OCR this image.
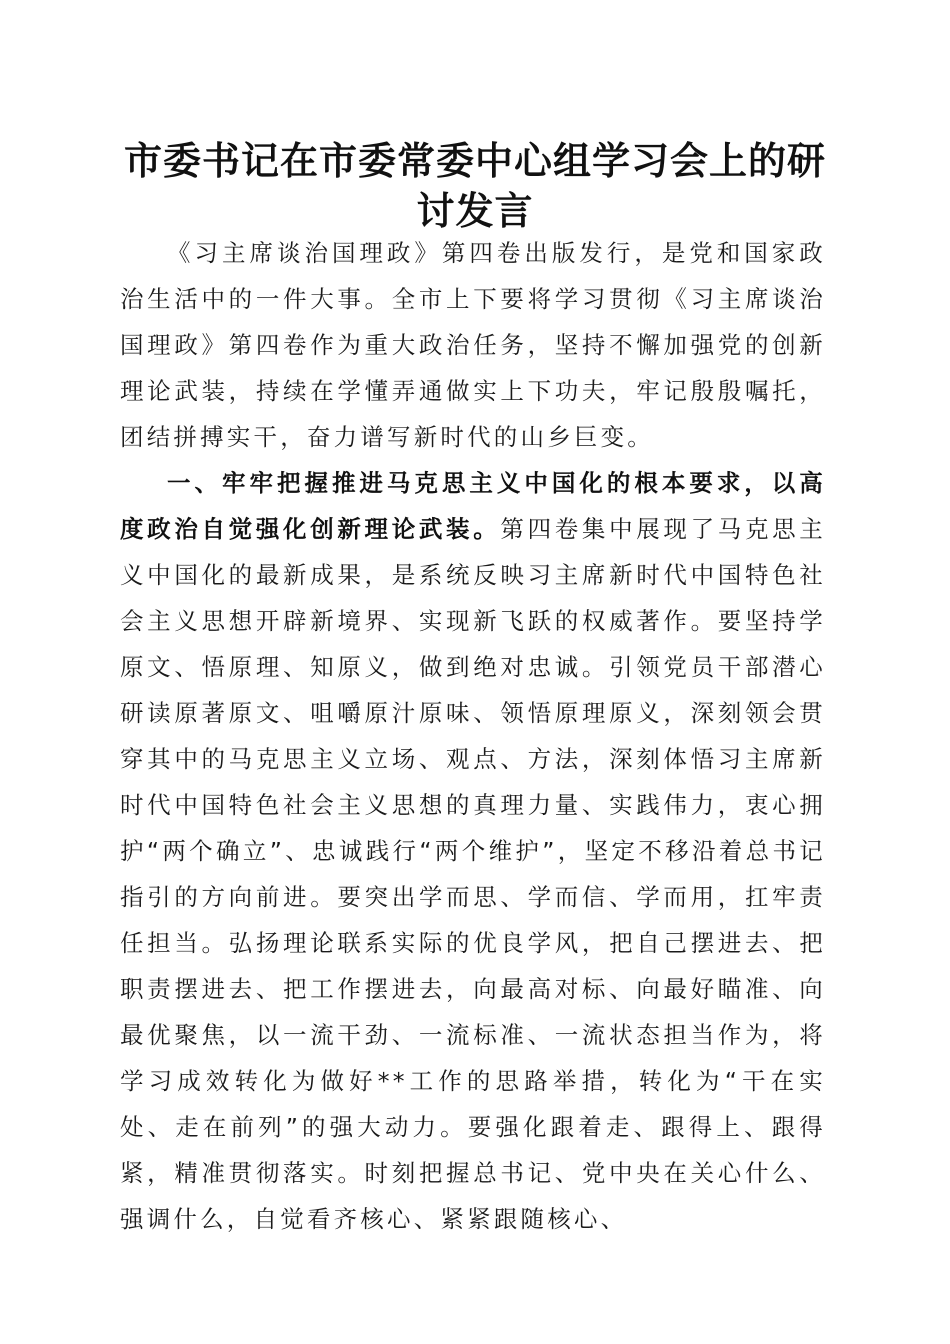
市委书记在市委常委中心组学习会上的研讨发言

《习主席谈治国理政》第四卷出版发行，是党和国家政治生活中的一件大事。全市上下要将学习贯彻《习主席谈治国理政》第四卷作为重大政治任务，坚持不懈加强党的创新理论武装，持续在学懂弄通做实上下功夫，牢记殷殷嘱托，团结拼搏实干，奋力谱写新时代的山乡巨变。

一、牢牢把握推进马克思主义中国化的根本要求，以高度政治自觉强化创新理论武装。第四卷集中展现了马克思主义中国化的最新成果，是系统反映习主席新时代中国特色社会主义思想开辟新境界、实现新飞跃的权威著作。要坚持学原文、悟原理、知原义，做到绝对忠诚。引领党员干部潜心研读原著原文、咀嚼原汁原味、领悟原理原义，深刻领会贯穿其中的马克思主义立场、观点、方法，深刻体悟习主席新时代中国特色社会主义思想的真理力量、实践伟力，衷心拥护“两个确立”、忠诚践行“两个维护”，坚定不移沿着总书记指引的方向前进。要突出学而思、学而信、学而用，扛牢责任担当。弘扬理论联系实际的优良学风，把自己摆进去、把职责摆进去、把工作摆进去，向最高对标、向最好瞄准、向最优聚焦，以一流干劲、一流标准、一流状态担当作为，将学习成效转化为做好**工作的思路举措，转化为“干在实处、走在前列”的强大动力。要强化跟着走、跟得上、跟得紧，精准贯彻落实。时刻把握总书记、党中央在关心什么、强调什么，自觉看齐核心、紧紧跟随核心、
